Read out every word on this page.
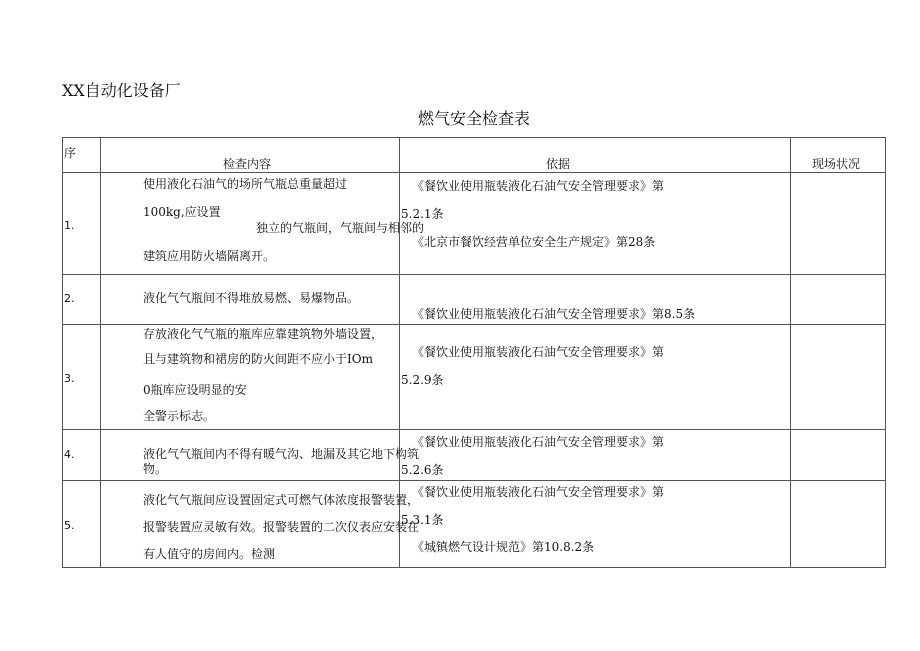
XX自动化设备厂
燃气安全检查表
序	检查内容	依据	现场状况

1.	使用液化石油气的场所气瓶总重量超过
100kg,应设置
独立的气瓶间，气瓶间与相邻的
建筑应用防火墙隔离开。	《餐饮业使用瓶装液化石油气安全管理要求》第
5.2.1条
《北京市餐饮经营单位安全生产规定》第28条	

2.	液化气气瓶间不得堆放易燃、易爆物品。	《餐饮业使用瓶装液化石油气安全管理要求》第8.5条	

3.	存放液化气气瓶的瓶库应靠建筑物外墙设置，
且与建筑物和裙房的防火间距不应小于IOm
0瓶库应设明显的安
全警示标志。	《餐饮业使用瓶装液化石油气安全管理要求》第
5.2.9条	

4.	液化气气瓶间内不得有暖气沟、地漏及其它地下构筑
物。	《餐饮业使用瓶装液化石油气安全管理要求》第
5.2.6条	

5.	液化气气瓶间应设置固定式可燃气体浓度报警装置，
报警装置应灵敏有效。报警装置的二次仪表应安装在
有人值守的房间内。检测	《餐饮业使用瓶装液化石油气安全管理要求》第
5.3.1条
《城镇燃气设计规范》第10.8.2条	
